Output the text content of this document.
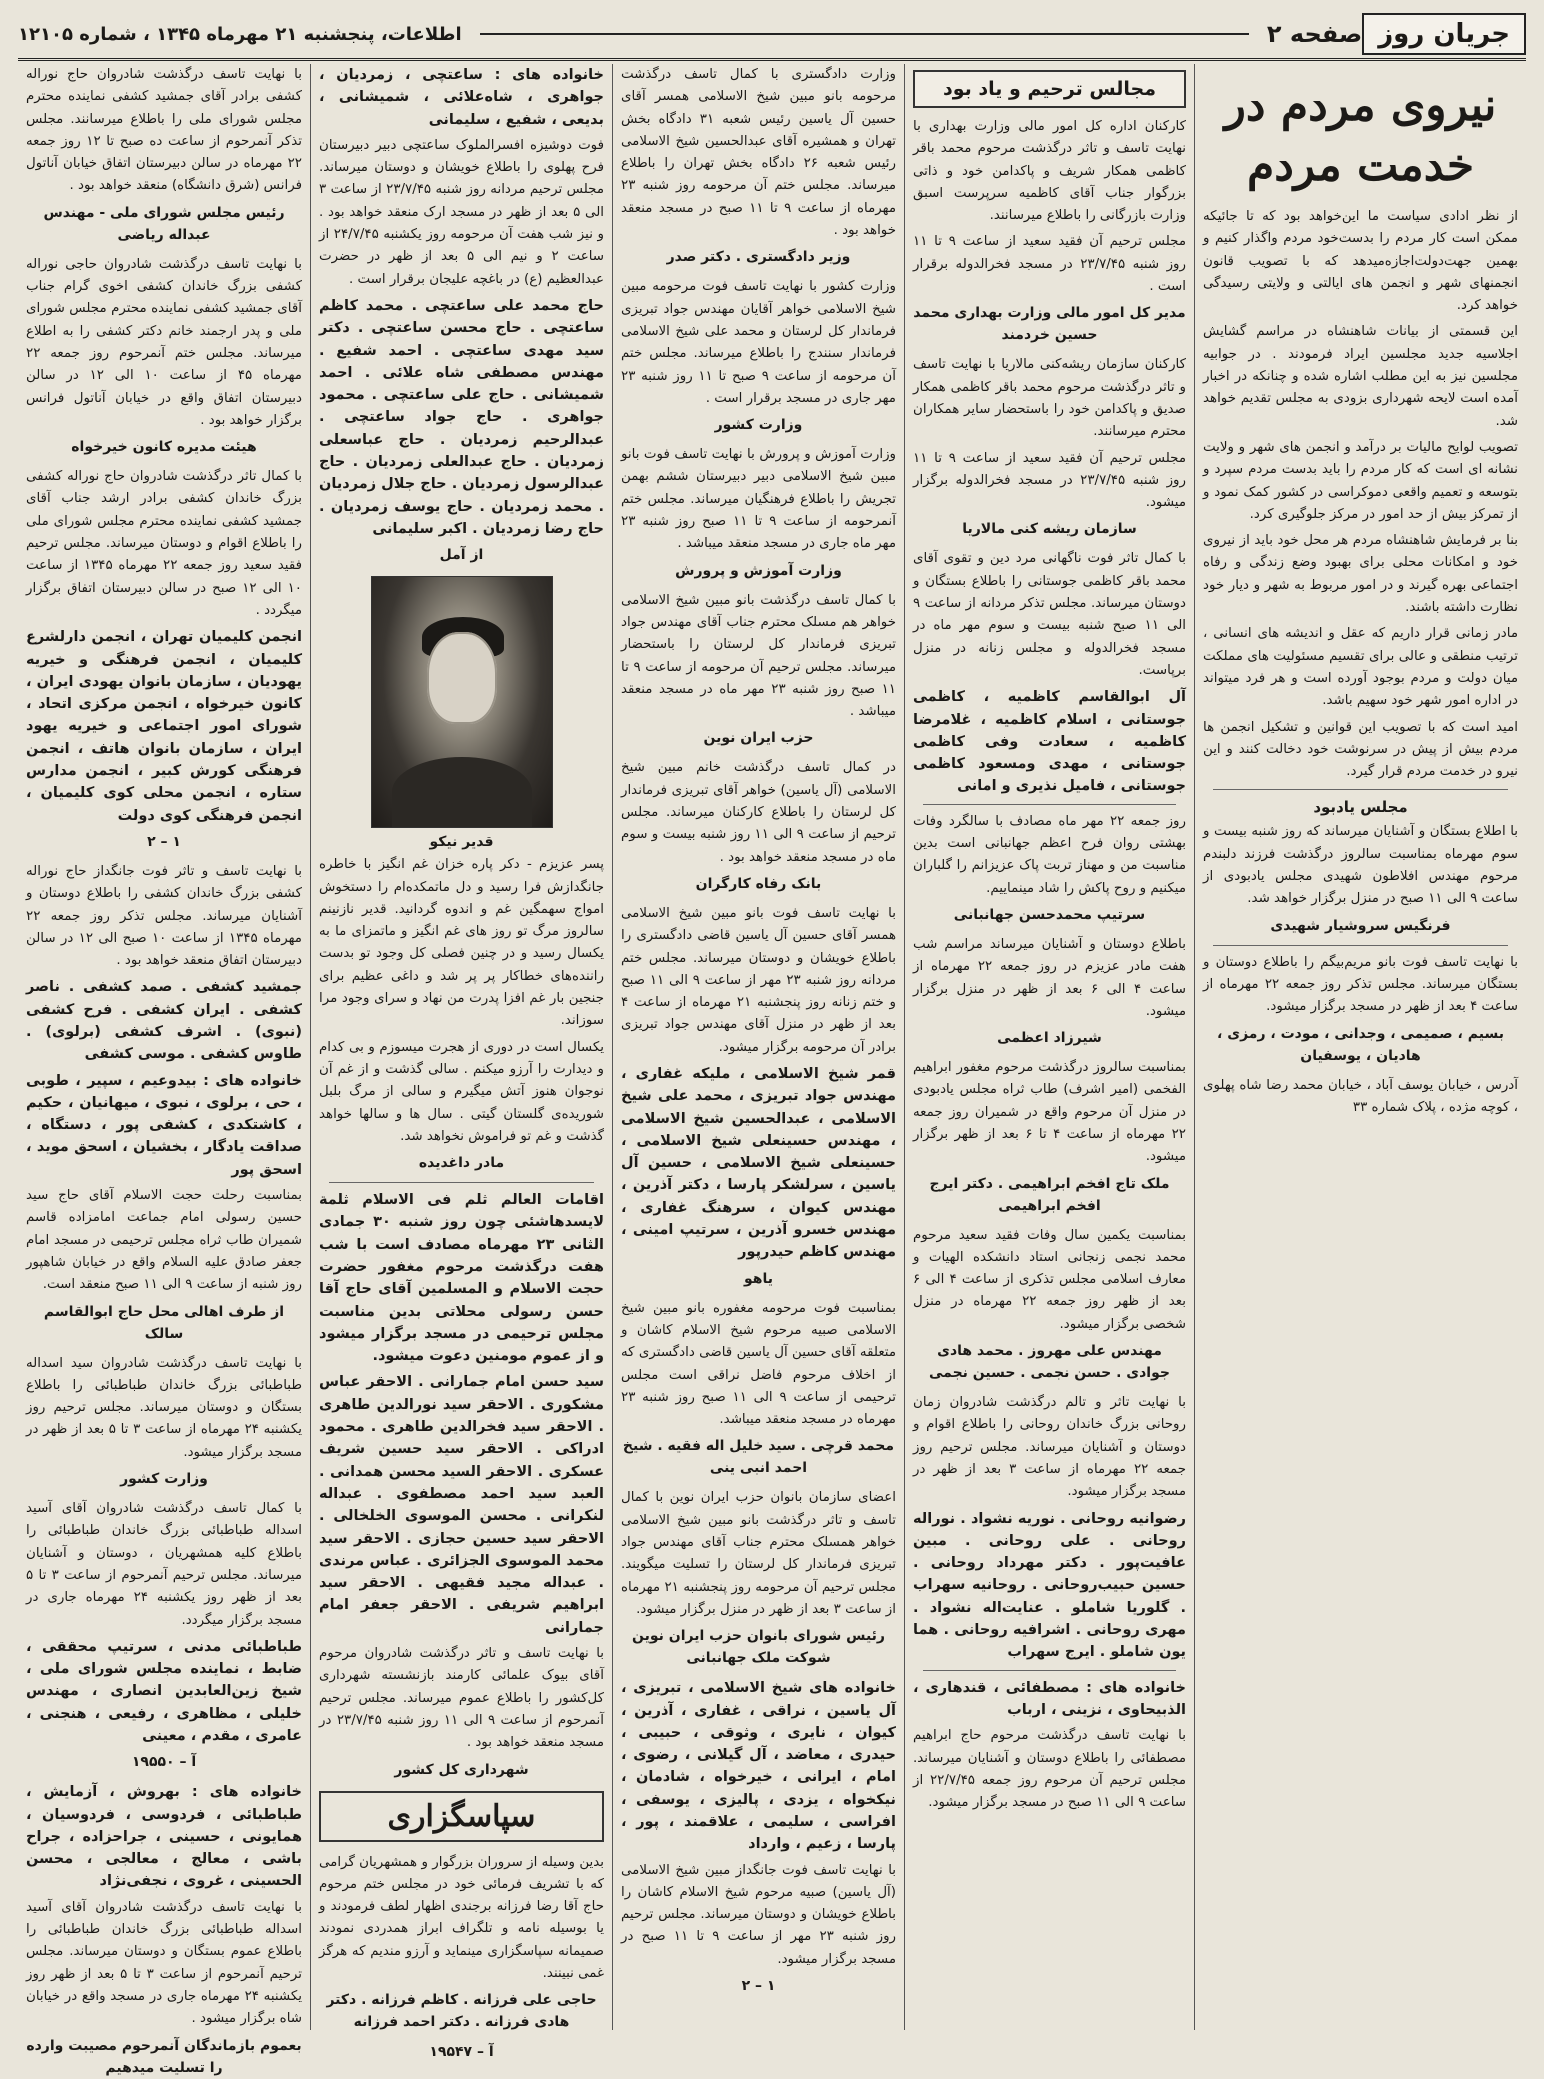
جریان روز
صفحه ۲
اطلاعات، پنجشنبه ۲۱ مهرماه ۱۳۴۵ ، شماره ۱۲۱۰۵
نیروی مردم در خدمت مردم
از نظر ادادی سیاست ما این‌خواهد بود که تا جائیکه ممکن است کار مردم را بدست‌خود مردم واگذار کنیم و بهمین جهت‌دولت‌اجازه‌میدهد که با تصویب قانون‌ انجمنهای شهر و انجمن های ایالتی و ولایتی رسیدگی خواهد کرد.
این قسمتی از بیانات شاهنشاه در مراسم گشایش اجلاسیه جدید مجلسین ایراد فرمودند . در جوابیه مجلسین نیز به این مطلب اشاره شده و چنانکه در اخبار آمده است لایحه شهرداری بزودی به مجلس تقدیم خواهد شد.
تصویب لوایح مالیات بر درآمد و انجمن های شهر و ولایت نشانه ای است که کار مردم را باید بدست مردم سپرد و بتوسعه و تعمیم واقعی دموکراسی در کشور کمک نمود و از تمرکز بیش از حد امور در مرکز جلوگیری کرد.
بنا بر فرمایش شاهنشاه مردم هر محل خود باید از نیروی خود و امکانات محلی برای بهبود وضع زندگی و رفاه اجتماعی بهره گیرند و در امور مربوط به شهر و دیار خود نظارت داشته باشند.
مادر زمانی قرار داریم که عقل‌ و‌ اندیشه های انسانی ، ترتیب منطقی و عالی برای تقسیم مسئولیت های مملکت میان دولت و مردم بوجود آورده است و هر فرد میتواند در اداره امور شهر خود سهیم باشد.
امید است که با تصویب این قوانین و تشکیل انجمن ها مردم بیش از پیش در سرنوشت خود دخالت کنند و این نیرو در خدمت مردم قرار گیرد.
مجلس یادبود
با اطلاع بستگان و آشنایان میرساند که روز شنبه بیست و سوم مهرماه بمناسبت سالروز درگذشت فرزند دلبندم مرحوم مهندس افلاطون شهیدی مجلس یادبودی از ساعت ۹ الی ۱۱ صبح در منزل برگزار خواهد شد.
فرنگیس سروشیار شهیدی
با نهایت تاسف فوت بانو مریم‌بیگم را باطلاع دوستان و بستگان میرساند. مجلس تذکر روز جمعه ۲۲ مهرماه از ساعت ۴ بعد از ظهر در مسجد برگزار میشود.
بسیم ، صمیمی ، وجدانی ، مودت ، رمزی ، هادیان ، یوسفیان
آدرس ، خیابان یوسف آباد ، خیابان محمد رضا شاه پهلوی ، کوچه مژده ، پلاک شماره ۳۳
مجالس ترحیم و یاد بود
کارکنان اداره کل امور مالی وزارت بهداری با نهایت تاسف و تاثر درگذشت مرحوم محمد باقر کاظمی همکار شریف و پاکدامن خود و ذاتی بزرگوار جناب آقای کاظمیه سرپرست اسبق وزارت بازرگانی را باطلاع میرسانند.
مجلس ترحیم آن فقید سعید از ساعت ۹ تا ۱۱ روز شنبه ۲۳/۷/۴۵ در مسجد فخرالدوله برقرار است .
مدیر کل امور مالی وزارت بهداری محمد حسین خردمند
کارکنان سازمان ریشه‌کنی مالاریا با نهایت تاسف و تاثر درگذشت مرحوم محمد باقر کاظمی همکار صدیق و پاکدامن خود را باستحضار سایر همکاران محترم میرسانند.
مجلس ترحیم آن فقید سعید از ساعت ۹ تا ۱۱ روز شنبه ۲۳/۷/۴۵ در مسجد فخرالدوله برگزار میشود.
سازمان ریشه کنی مالاریا
با کمال تاثر فوت ناگهانی مرد دین و تقوی آقای محمد باقر کاظمی جوستانی را باطلاع بستگان و دوستان میرساند. مجلس تذکر مردانه از ساعت ۹ الی ۱۱ صبح شنبه بیست و سوم مهر ماه در مسجد فخرالدوله و مجلس زنانه در منزل برپاست.
آل ابوالقاسم کاظمیه ، کاظمی جوستانی ، اسلام کاظمیه ، غلامرضا کاظمیه ، سعادت وفی کاظمی جوستانی ، مهدی ومسعود کاظمی جوستانی ، فامیل نذیری و امانی
روز جمعه ۲۲ مهر ماه مصادف با سالگرد وفات بهشتی روان فرح اعظم جهانبانی است بدین مناسبت من و مهناز تربت پاک عزیزانم را گلباران میکنیم و روح پاکش را شاد مینماییم.
سرتیپ محمدحسن جهانبانی
باطلاع دوستان و آشنایان میرساند مراسم شب هفت مادر عزیزم در روز جمعه ۲۲ مهرماه از ساعت ۴ الی ۶ بعد از ظهر در منزل برگزار میشود.
شیرزاد اعظمی
بمناسبت سالروز درگذشت مرحوم مغفور ابراهیم الفخمی (امیر اشرف) طاب ثراه مجلس یادبودی در منزل آن مرحوم واقع در شمیران روز جمعه ۲۲ مهرماه از ساعت ۴ تا ۶ بعد از ظهر برگزار میشود.
ملک تاج افخم ابراهیمی . دکتر ایرج افخم ابراهیمی
بمناسبت یکمین سال وفات فقید سعید مرحوم محمد نجمی زنجانی استاد دانشکده الهیات و معارف اسلامی مجلس تذکری از ساعت ۴ الی ۶ بعد از ظهر روز جمعه ۲۲ مهرماه در منزل شخصی برگزار میشود.
مهندس علی مهروز . محمد هادی جوادی . حسن نجمی . حسین نجمی
با نهایت تاثر و تالم درگذشت شادروان زمان روحانی بزرگ خاندان روحانی را باطلاع اقوام و دوستان و آشنایان میرساند. مجلس ترحیم روز جمعه ۲۲ مهرماه از ساعت ۳ بعد از ظهر در مسجد برگزار میشود.
رضوانیه روحانی . نوریه نشواد . نوراله روحانی . علی روحانی . مبین عافیت‌پور . دکتر مهرداد روحانی . حسین حبیب‌روحانی . روحانیه سهراب . گلوریا شاملو . عنایت‌اله نشواد . مهری روحانی . اشرافیه روحانی . هما یون شاملو . ایرج سهراب
خانواده های : مصطفائی ، قندهاری ، الذبیحاوی ، نزینی ، ارباب
با نهایت تاسف درگذشت مرحوم حاج ابراهیم مصطفائی را باطلاع دوستان و آشنایان میرساند. مجلس ترحیم آن مرحوم روز جمعه ۲۲/۷/۴۵ از ساعت ۹ الی ۱۱ صبح در مسجد برگزار میشود.
وزارت دادگستری با کمال تاسف درگذشت مرحومه بانو مبین شیخ الاسلامی همسر آقای حسین آل یاسین رئیس شعبه ۳۱ دادگاه بخش تهران و همشیره آقای عبدالحسین شیخ الاسلامی رئیس شعبه ۲۶ دادگاه بخش تهران را باطلاع میرساند. مجلس ختم آن مرحومه روز شنبه ۲۳ مهرماه از ساعت ۹ تا ۱۱ صبح در مسجد منعقد خواهد بود .
وزیر دادگستری . دکتر صدر
وزارت کشور با نهایت تاسف فوت مرحومه مبین شیخ الاسلامی خواهر آقایان مهندس جواد تبریزی فرماندار کل لرستان و محمد علی شیخ الاسلامی فرماندار سنندج را باطلاع میرساند. مجلس ختم آن مرحومه از ساعت ۹ صبح تا ۱۱ روز شنبه ۲۳ مهر جاری در مسجد برقرار است .
وزارت کشور
وزارت آموزش و پرورش با نهایت تاسف فوت بانو مبین شیخ الاسلامی دبیر دبیرستان ششم بهمن تجریش را باطلاع فرهنگیان میرساند. مجلس ختم آنمرحومه از ساعت ۹ تا ۱۱ صبح روز شنبه ۲۳ مهر ماه جاری در مسجد منعقد میباشد .
وزارت آموزش و پرورش
با کمال تاسف درگذشت بانو مبین شیخ الاسلامی خواهر هم مسلک محترم جناب آقای مهندس جواد تبریزی فرماندار کل لرستان را باستحضار میرساند. مجلس ترحیم آن مرحومه از ساعت ۹ تا ۱۱ صبح روز شنبه ۲۳ مهر ماه در مسجد منعقد میباشد .
حزب ایران نوین
در کمال تاسف درگذشت خانم مبین شیخ الاسلامی (آل یاسین) خواهر آقای تبریزی فرماندار کل لرستان را باطلاع کارکنان میرساند. مجلس ترحیم از ساعت ۹ الی ۱۱ روز شنبه بیست و سوم ماه در مسجد منعقد خواهد بود .
بانک رفاه کارگران
با نهایت تاسف فوت بانو مبین شیخ الاسلامی همسر آقای حسین آل یاسین قاضی دادگستری را باطلاع خویشان و دوستان میرساند. مجلس ختم مردانه روز شنبه ۲۳ مهر از ساعت ۹ الی ۱۱ صبح و ختم زنانه روز پنجشنبه ۲۱ مهرماه از ساعت ۴ بعد از ظهر در منزل آقای مهندس جواد تبریزی برادر آن مرحومه برگزار میشود.
قمر شیخ الاسلامی ، ملیکه غفاری ، مهندس جواد تبریزی ، محمد علی شیخ الاسلامی ، عبدالحسین شیخ الاسلامی ، مهندس حسینعلی شیخ الاسلامی ، حسینعلی شیخ الاسلامی ، حسین آل یاسین ، سرلشکر پارسا ، دکتر آذرین ، مهندس کیوان ، سرهنگ غفاری ، مهندس خسرو آذرین ، سرتیپ امینی ، مهندس کاظم حیدرپور
یاهو
بمناسبت فوت مرحومه مغفوره بانو مبین شیخ الاسلامی صبیه مرحوم شیخ الاسلام کاشان و متعلقه آقای حسین آل یاسین قاضی دادگستری که از اخلاف مرحوم فاضل نراقی است مجلس ترحیمی از ساعت ۹ الی ۱۱ صبح روز شنبه ۲۳ مهرماه در مسجد منعقد میباشد.
محمد قرچی . سید خلیل اله فقیه . شیخ احمد انبی ینی
اعضای سازمان بانوان حزب ایران نوین با کمال تاسف و تاثر درگذشت بانو مبین شیخ الاسلامی خواهر همسلک محترم جناب آقای مهندس جواد تبریزی فرماندار کل لرستان را تسلیت میگویند. مجلس ترحیم آن مرحومه روز پنجشنبه ۲۱ مهرماه از ساعت ۳ بعد از ظهر در منزل برگزار میشود.
رئیس شورای بانوان حزب ایران نوین شوکت ملک جهانبانی
خانواده های شیخ الاسلامی ، تبریزی ، آل یاسین ، نراقی ، غفاری ، آذرین ، کیوان ، نایری ، وثوقی ، حبیبی ، حیدری ، معاضد ، آل گیلانی ، رضوی ، امام ، ایرانی ، خیرخواه ، شادمان ، نیکخواه ، یزدی ، پالیزی ، یوسفی ، افراسی ، سلیمی ، علاقمند ، پور ، پارسا ، زعیم ، وارداد
با نهایت تاسف فوت جانگداز مبین شیخ الاسلامی (آل یاسین) صبیه مرحوم شیخ الاسلام کاشان را باطلاع خویشان و دوستان میرساند. مجلس ترحیم روز شنبه ۲۳ مهر از ساعت ۹ تا ۱۱ صبح در مسجد برگزار میشود.
۱ – ۲
خانواده های : ساعتچی ، زمردیان ، جواهری ، شاه‌علائی ، شمیشانی ، بدیعی ، شفیع ، سلیمانی
فوت دوشیزه افسرالملوک ساعتچی دبیر دبیرستان فرح پهلوی را باطلاع خویشان و دوستان میرساند. مجلس ترحیم مردانه روز شنبه ۲۳/۷/۴۵ از ساعت ۳ الی ۵ بعد از ظهر در مسجد ارک منعقد خواهد بود . و نیز شب هفت آن مرحومه روز یکشنبه ۲۴/۷/۴۵ از ساعت ۲ و نیم الی ۵ بعد از ظهر در حضرت عبدالعظیم (ع) در باغچه علیجان برقرار است .
حاج محمد علی ساعتچی . محمد کاظم ساعتچی . حاج محسن ساعتچی . دکتر سید مهدی ساعتچی . احمد شفیع . مهندس مصطفی شاه علائی . احمد شمیشانی . حاج علی ساعتچی . محمود جواهری . حاج جواد ساعتچی . عبدالرحیم زمردیان . حاج عباسعلی زمردیان . حاج عبدالعلی زمردیان . حاج عبدالرسول زمردیان . حاج جلال زمردیان . محمد زمردیان . حاج یوسف زمردیان . حاج رضا زمردیان . اکبر سلیمانی
از آمل
قدیر نیکو
پسر عزیزم - دکر پاره خزان غم انگیز با خاطره جانگدازش فرا رسید و دل ماتمکده‌ام را دستخوش امواج سهمگین غم و اندوه گردانید. قدیر نازنینم سالروز مرگ تو روز های غم انگیز و ماتمزای ما به یکسال رسید و در چنین فصلی کل وجود تو بدست راننده‌های خطاکار پر پر شد و داغی عظیم برای جنجین بار غم افزا پدرت من نهاد و سرای وجود مرا سوزاند.
یکسال است در دوری از هجرت میسوزم و بی کدام و دیدارت را آرزو میکنم . سالی گذشت و از غم آن نوجوان هنوز آتش میگیرم و سالی از مرگ بلبل شورید‌ه‌ی گلستان گیتی . سال ها و سالها خواهد گذشت و غم تو فراموش نخواهد شد.
مادر داغدیده
اقامات العالم ثلم فی الاسلام ثلمة لایسدهاشئی چون روز شنبه ۳۰ جمادی الثانی ۲۳ مهرماه مصادف است با شب هفت درگذشت مرحوم مغفور حضرت حجت الاسلام و المسلمین آقای حاج آقا حسن رسولی محلاتی بدین مناسبت مجلس ترحیمی در مسجد برگزار میشود و از عموم مومنین دعوت میشود.
سید حسن امام جمارانی . الاحقر عباس مشکوری . الاحقر سید نورالدین طاهری . الاحقر سید فخرالدین طاهری . محمود ادراکی . الاحقر سید حسین شریف عسکری . الاحقر السید محسن همدانی . العبد سید احمد مصطفوی . عبداله لنکرانی . محسن الموسوی الخلخالی . الاحقر سید حسین حجازی . الاحقر سید محمد الموسوی الجزائری . عباس مرندی . عبداله مجید فقیهی . الاحقر سید ابراهیم شریفی . الاحقر جعفر امام جمارانی
با نهایت تاسف و تاثر درگذشت شادروان مرحوم آقای بیوک علمائی کارمند بازنشسته شهرداری کل‌کشور را باطلاع عموم میرساند. مجلس ترحیم آنمرحوم از ساعت ۹ الی ۱۱ روز شنبه ۲۳/۷/۴۵ در مسجد منعقد خواهد بود .
شهرداری کل کشور
سپاسگزاری
بدین وسیله از سروران بزرگوار و همشهریان گرامی که با تشریف فرمائی خود در مجلس ختم مرحوم حاج آقا رضا فرزانه برجندی اظهار لطف فرمودند و یا بوسیله نامه و تلگراف ابراز همدردی نمودند صمیمانه سپاسگزاری مینماید و آرزو مندیم که هرگز غمی نبینند.
حاجی علی فرزانه . کاظم فرزانه . دکتر هادی فرزانه . دکتر احمد فرزانه
آ – ۱۹۵۴۷
با نهایت تاسف درگذشت شادروان حاج نوراله کشفی برادر آقای جمشید کشفی نماینده محترم مجلس شورای ملی را باطلاع میرسانند. مجلس تذکر آنمرحوم از ساعت ده صبح تا ۱۲ روز جمعه ۲۲ مهرماه در سالن دبیرستان اتفاق خیابان آناتول فرانس (شرق دانشگاه) منعقد خواهد بود .
رئیس مجلس شورای ملی - مهندس عبداله ریاضی
با نهایت تاسف درگذشت شادروان حاجی نوراله کشفی بزرگ خاندان کشفی اخوی گرام جناب آقای جمشید کشفی نماینده محترم مجلس شورای ملی و پدر ارجمند خانم دکتر کشفی را به اطلاع میرساند. مجلس ختم آنمرحوم روز جمعه ۲۲ مهرماه ۴۵ از ساعت ۱۰ الی ۱۲ در سالن دبیرستان اتفاق واقع در خیابان آناتول فرانس برگزار خواهد بود .
هیئت مدیره کانون خیرخواه
با کمال تاثر درگذشت شادروان حاج نوراله کشفی بزرگ خاندان کشفی برادر ارشد جناب آقای جمشید کشفی نماینده محترم مجلس شورای ملی را باطلاع اقوام و دوستان میرساند. مجلس ترحیم فقید سعید روز جمعه ۲۲ مهرماه ۱۳۴۵ از ساعت ۱۰ الی ۱۲ صبح در سالن دبیرستان اتفاق برگزار میگردد .
انجمن کلیمیان تهران ، انجمن دارلشرع کلیمیان ، انجمن فرهنگی و خیریه یهودیان ، سازمان بانوان یهودی ایران ، کانون خیرخواه ، انجمن مرکزی اتحاد ، شورای امور اجتماعی و خیریه یهود ایران ، سازمان بانوان هاتف ، انجمن فرهنگی کورش کبیر ، انجمن مدارس ستاره ، انجمن محلی کوی کلیمیان ، انجمن فرهنگی کوی دولت
۱ – ۲
با نهایت تاسف و تاثر فوت جانگداز حاج نوراله کشفی بزرگ خاندان کشفی را باطلاع دوستان و آشنایان میرساند. مجلس تذکر روز جمعه ۲۲ مهرماه ۱۳۴۵ از ساعت ۱۰ صبح الی ۱۲ در سالن دبیرستان اتفاق منعقد خواهد بود .
جمشید کشفی . صمد کشفی . ناصر کشفی . ایران کشفی . فرح کشفی (نبوی) . اشرف کشفی (برلوی) . طاوس کشفی . موسی کشفی
خانواده های : بیدوعیم ، سپیر ، طوبی ، حی ، برلوی ، نبوی ، میهانیان ، حکیم ، کاشتکدی ، کشفی پور ، دستگاه ، صداقت یادگار ، بخشیان ، اسحق موید ، اسحق پور
بمناسبت رحلت حجت الاسلام آقای حاج سید حسین رسولی امام جماعت امامزاده قاسم شمیران طاب ثراه مجلس ترحیمی در مسجد امام جعفر صادق علیه السلام واقع در خیابان شاهپور روز شنبه از ساعت ۹ الی ۱۱ صبح منعقد است.
از طرف اهالی محل حاج ابوالقاسم سالک
با نهایت تاسف درگذشت شادروان سید اسداله طباطبائی بزرگ خاندان طباطبائی را باطلاع بستگان و دوستان میرساند. مجلس ترحیم روز یکشنبه ۲۴ مهرماه از ساعت ۳ تا ۵ بعد از ظهر در مسجد برگزار میشود.
وزارت کشور
با کمال تاسف درگذشت شادروان آقای آسید اسداله طباطبائی بزرگ خاندان طباطبائی را باطلاع کلیه همشهریان ، دوستان و آشنایان میرساند. مجلس ترحیم آنمرحوم از ساعت ۳ تا ۵ بعد از ظهر روز یکشنبه ۲۴ مهرماه جاری در مسجد برگزار میگردد.
طباطبائی مدنی ، سرتیپ محققی ، ضابط ، نماینده مجلس شورای ملی ، شیخ زین‌العابدین انصاری ، مهندس خلیلی ، مظاهری ، رفیعی ، هنجنی ، عامری ، مقدم ، معینی
آ – ۱۹۵۵۰
خانواده های : بهروش ، آزمایش ، طباطبائی ، فردوسی ، فردوسیان ، همایونی ، حسینی ، جراحزاده ، جراح باشی ، معالج ، معالجی ، محسن الحسینی ، غروی ، نجفی‌نژاد
با نهایت تاسف درگذشت شادروان آقای آسید اسداله طباطبائی بزرگ خاندان طباطبائی را باطلاع عموم بستگان و دوستان میرساند. مجلس ترحیم آنمرحوم از ساعت ۳ تا ۵ بعد از ظهر روز یکشنبه ۲۴ مهرماه جاری در مسجد واقع در خیابان شاه برگزار میشود .
بعموم بازماندگان آنمرحوم مصیبت وارده را تسلیت میدهیم
